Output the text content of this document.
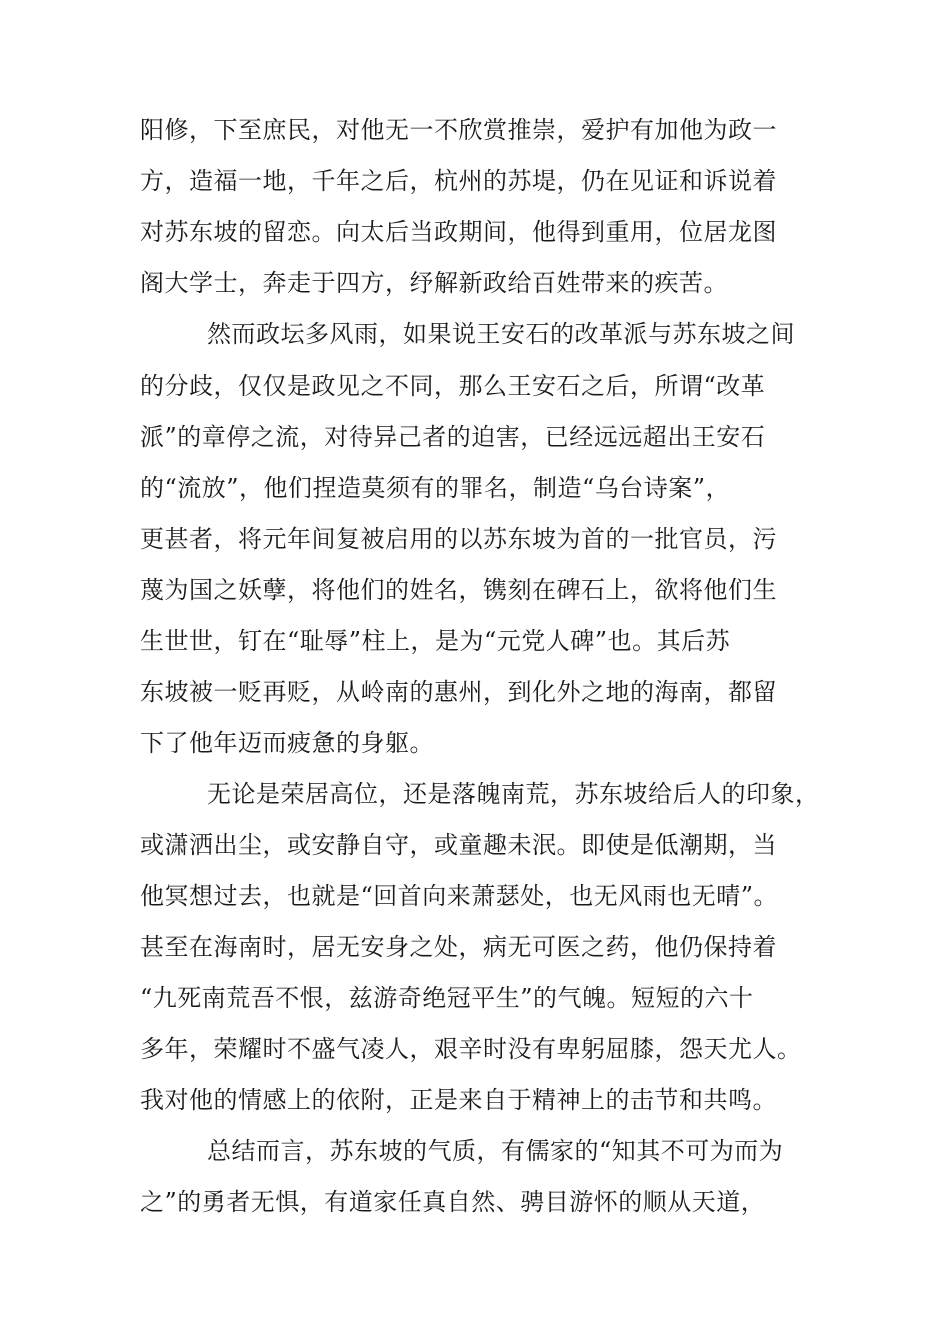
阳修，下至庶民，对他无一不欣赏推崇，爱护有加他为政一
方，造福一地，千年之后，杭州的苏堤，仍在见证和诉说着
对苏东坡的留恋。向太后当政期间，他得到重用，位居龙图
阁大学士，奔走于四方，纾解新政给百姓带来的疾苦。
然而政坛多风雨，如果说王安石的改革派与苏东坡之间
的分歧，仅仅是政见之不同，那么王安石之后，所谓“改革
派”的章停之流，对待异己者的迫害，已经远远超出王安石
的“流放”，他们捏造莫须有的罪名，制造“乌台诗案”，
更甚者，将元年间复被启用的以苏东坡为首的一批官员，污
蔑为国之妖孽，将他们的姓名，镌刻在碑石上，欲将他们生
生世世，钉在“耻辱”柱上，是为“元党人碑”也。其后苏
东坡被一贬再贬，从岭南的惠州，到化外之地的海南，都留
下了他年迈而疲惫的身躯。
无论是荣居高位，还是落魄南荒，苏东坡给后人的印象，
或潇洒出尘，或安静自守，或童趣未泯。即使是低潮期，当
他冥想过去，也就是“回首向来萧瑟处，也无风雨也无晴”。
甚至在海南时，居无安身之处，病无可医之药，他仍保持着
“九死南荒吾不恨，兹游奇绝冠平生”的气魄。短短的六十
多年，荣耀时不盛气凌人，艰辛时没有卑躬屈膝，怨天尤人。
我对他的情感上的依附，正是来自于精神上的击节和共鸣。
总结而言，苏东坡的气质，有儒家的“知其不可为而为
之”的勇者无惧，有道家任真自然、骋目游怀的顺从天道，
